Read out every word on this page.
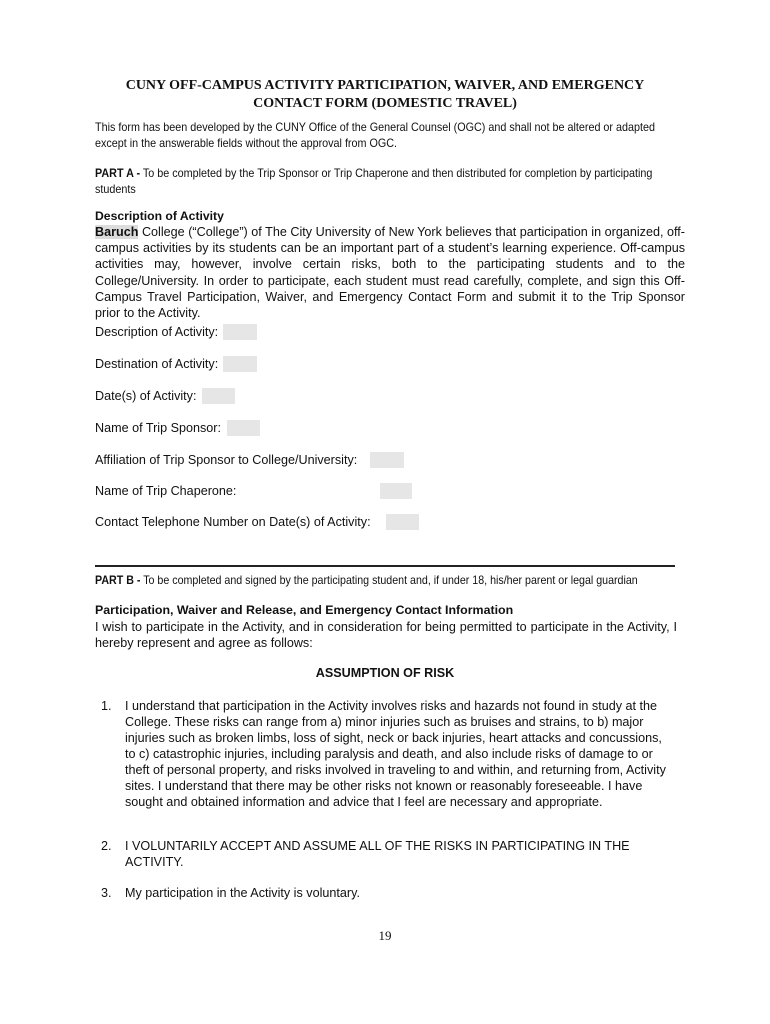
CUNY OFF-CAMPUS ACTIVITY PARTICIPATION, WAIVER, AND EMERGENCY
CONTACT FORM (DOMESTIC TRAVEL)
This form has been developed by the CUNY Office of the General Counsel (OGC) and shall not be altered or adapted except in the answerable fields without the approval from OGC.
PART A - To be completed by the Trip Sponsor or Trip Chaperone and then distributed for completion by participating students
Description of Activity
Baruch College (“College”) of The City University of New York believes that participation in organized, off-campus activities by its students can be an important part of a student’s learning experience. Off-campus activities may, however, involve certain risks, both to the participating students and to the College/University. In order to participate, each student must read carefully, complete, and sign this Off-Campus Travel Participation, Waiver, and Emergency Contact Form and submit it to the Trip Sponsor prior to the Activity.
Description of Activity:
Destination of Activity:
Date(s) of Activity:
Name of Trip Sponsor:
Affiliation of Trip Sponsor to College/University:
Name of Trip Chaperone:
Contact Telephone Number on Date(s) of Activity:
PART B - To be completed and signed by the participating student and, if under 18, his/her parent or legal guardian
Participation, Waiver and Release, and Emergency Contact Information
I wish to participate in the Activity, and in consideration for being permitted to participate in the Activity, I hereby represent and agree as follows:
ASSUMPTION OF RISK
1. I understand that participation in the Activity involves risks and hazards not found in study at the College. These risks can range from a) minor injuries such as bruises and strains, to b) major injuries such as broken limbs, loss of sight, neck or back injuries, heart attacks and concussions, to c) catastrophic injuries, including paralysis and death, and also include risks of damage to or theft of personal property, and risks involved in traveling to and within, and returning from, Activity sites. I understand that there may be other risks not known or reasonably foreseeable. I have sought and obtained information and advice that I feel are necessary and appropriate.
2. I VOLUNTARILY ACCEPT AND ASSUME ALL OF THE RISKS IN PARTICIPATING IN THE ACTIVITY.
3. My participation in the Activity is voluntary.
19
